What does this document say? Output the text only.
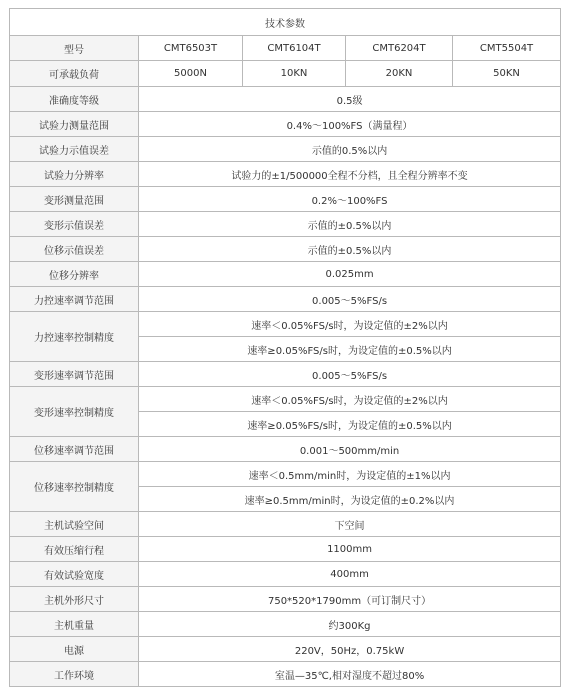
技术参数				
型号	CMT6503T	CMT6104T	CMT6204T	CMT5504T
可承载负荷	5000N	10KN	20KN	50KN
准确度等级	0.5级			
试验力测量范围	0.4%～100%FS（满量程）			
试验力示值误差	示值的0.5%以内			
试验力分辨率	试验力的±1/500000全程不分档，且全程分辨率不变			
变形测量范围	0.2%～100%FS			
变形示值误差	示值的±0.5%以内			
位移示值误差	示值的±0.5%以内			
位移分辨率	0.025mm			
力控速率调节范围	0.005～5%FS/s			
力控速率控制精度	速率＜0.05%FS/s时，为设定值的±2%以内			
	速率≥0.05%FS/s时，为设定值的±0.5%以内			
变形速率调节范围	0.005～5%FS/s			
变形速率控制精度	速率＜0.05%FS/s时，为设定值的±2%以内			
	速率≥0.05%FS/s时，为设定值的±0.5%以内			
位移速率调节范围	0.001～500mm/min			
位移速率控制精度	速率＜0.5mm/min时，为设定值的±1%以内			
	速率≥0.5mm/min时，为设定值的±0.2%以内			
主机试验空间	下空间			
有效压缩行程	1100mm			
有效试验宽度	400mm			
主机外形尺寸	750*520*1790mm（可订制尺寸）			
主机重量	约300Kg			
电源	220V，50Hz，0.75kW			
工作环境	室温—35℃,相对湿度不超过80%			
